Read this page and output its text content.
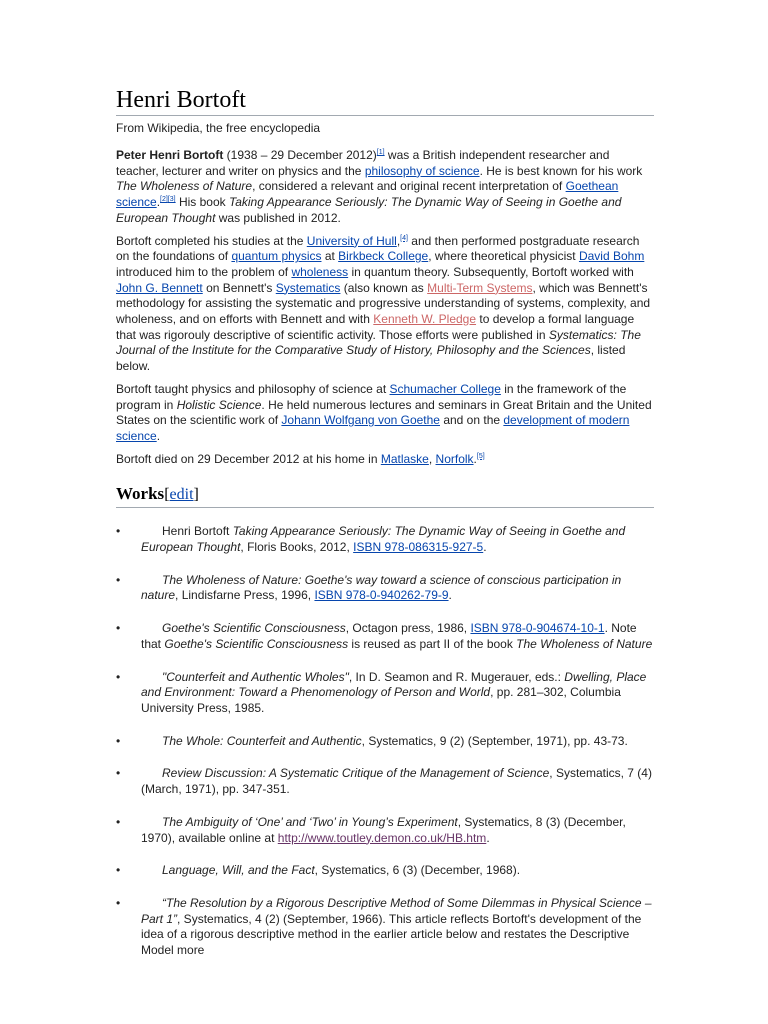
Henri Bortoft
From Wikipedia, the free encyclopedia

Peter Henri Bortoft (1938 – 29 December 2012)[1] was a British independent researcher and teacher, lecturer and writer on physics and the philosophy of science. He is best known for his work The Wholeness of Nature, considered a relevant and original recent interpretation of Goethean science.[2][3] His book Taking Appearance Seriously: The Dynamic Way of Seeing in Goethe and European Thought was published in 2012.

Bortoft completed his studies at the University of Hull,[4] and then performed postgraduate research on the foundations of quantum physics at Birkbeck College, where theoretical physicist David Bohm introduced him to the problem of wholeness in quantum theory. Subsequently, Bortoft worked with John G. Bennett on Bennett's Systematics (also known as Multi-Term Systems, which was Bennett's methodology for assisting the systematic and progressive understanding of systems, complexity, and wholeness, and on efforts with Bennett and with Kenneth W. Pledge to develop a formal language that was rigorouly descriptive of scientific activity. Those efforts were published in Systematics: The Journal of the Institute for the Comparative Study of History, Philosophy and the Sciences, listed below.

Bortoft taught physics and philosophy of science at Schumacher College in the framework of the program in Holistic Science. He held numerous lectures and seminars in Great Britain and the United States on the scientific work of Johann Wolfgang von Goethe and on the development of modern science.

Bortoft died on 29 December 2012 at his home in Matlaske, Norfolk.[5]

Works[edit]
•	Henri Bortoft Taking Appearance Seriously: The Dynamic Way of Seeing in Goethe and European Thought, Floris Books, 2012, ISBN 978-086315-927-5.
•	The Wholeness of Nature: Goethe's way toward a science of conscious participation in nature, Lindisfarne Press, 1996, ISBN 978-0-940262-79-9.
•	Goethe's Scientific Consciousness, Octagon press, 1986, ISBN 978-0-904674-10-1. Note that Goethe's Scientific Consciousness is reused as part II of the book The Wholeness of Nature
•	"Counterfeit and Authentic Wholes", In D. Seamon and R. Mugerauer, eds.: Dwelling, Place and Environment: Toward a Phenomenology of Person and World, pp. 281–302, Columbia University Press, 1985.
•	The Whole: Counterfeit and Authentic, Systematics, 9 (2) (September, 1971), pp. 43-73.
•	Review Discussion: A Systematic Critique of the Management of Science, Systematics, 7 (4) (March, 1971), pp. 347-351.
•	The Ambiguity of ‘One’ and ‘Two’ in Young’s Experiment, Systematics, 8 (3) (December, 1970), available online at http://www.toutley.demon.co.uk/HB.htm.
•	Language, Will, and the Fact, Systematics, 6 (3) (December, 1968).
•	“The Resolution by a Rigorous Descriptive Method of Some Dilemmas in Physical Science – Part 1”, Systematics, 4 (2) (September, 1966). This article reflects Bortoft's development of the idea of a rigorous descriptive method in the earlier article below and restates the Descriptive Model more
